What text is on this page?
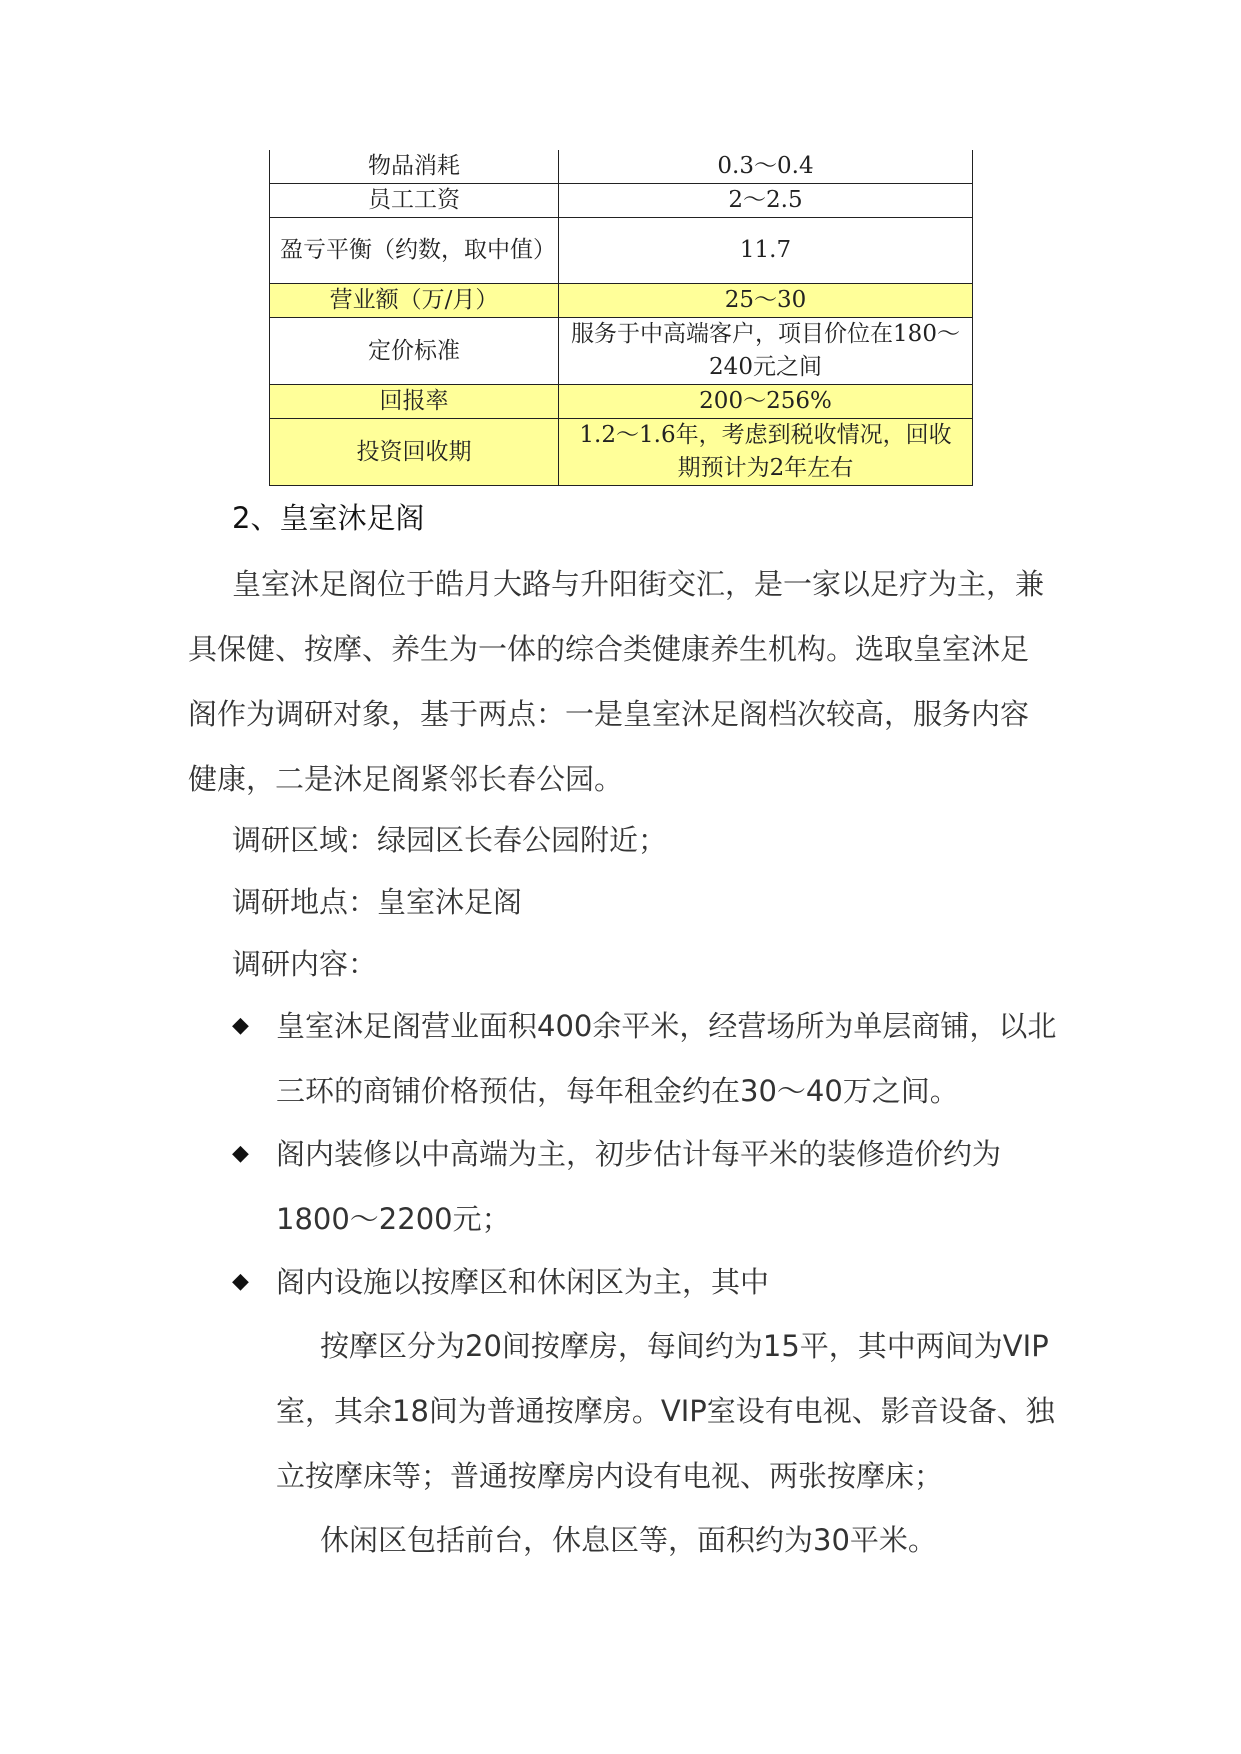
物品消耗	0.3～0.4
员工工资	2～2.5
盈亏平衡（约数，取中值）	11.7
营业额（万/月）	25～30
定价标准	服务于中高端客户，项目价位在180～240元之间
回报率	200～256%
投资回收期	1.2～1.6年，考虑到税收情况，回收期预计为2年左右
2、皇室沐足阁
皇室沐足阁位于皓月大路与升阳街交汇，是一家以足疗为主，兼具保健、按摩、养生为一体的综合类健康养生机构。选取皇室沐足阁作为调研对象，基于两点：一是皇室沐足阁档次较高，服务内容健康，二是沐足阁紧邻长春公园。
调研区域：绿园区长春公园附近；
调研地点：皇室沐足阁
调研内容：
◆ 皇室沐足阁营业面积400余平米，经营场所为单层商铺，以北三环的商铺价格预估，每年租金约在30～40万之间。
◆ 阁内装修以中高端为主，初步估计每平米的装修造价约为1800～2200元；
◆ 阁内设施以按摩区和休闲区为主，其中
按摩区分为20间按摩房，每间约为15平，其中两间为VIP室，其余18间为普通按摩房。VIP室设有电视、影音设备、独立按摩床等；普通按摩房内设有电视、两张按摩床；
休闲区包括前台，休息区等，面积约为30平米。
